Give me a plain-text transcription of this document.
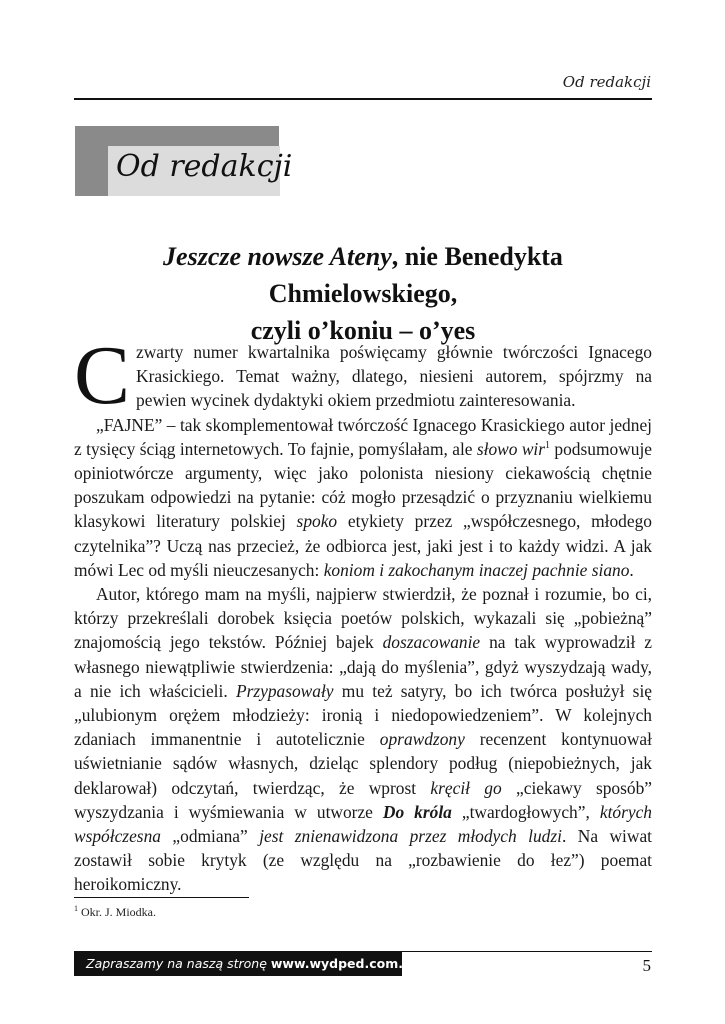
Od redakcji
Od redakcji
Jeszcze nowsze Ateny, nie Benedykta Chmielowskiego,
czyli o’koniu – o’yes

Czwarty numer kwartalnika poświęcamy głównie twórczości Ignacego Krasickiego. Temat ważny, dlatego, niesieni autorem, spójrzmy na pewien wycinek dydaktyki okiem przedmiotu zainteresowania.

„FAJNE” – tak skomplementował twórczość Ignacego Krasickiego autor jednej z tysięcy ściąg internetowych. To fajnie, pomyślałam, ale słowo wir$^1$ podsumowuje opiniotwórcze argumenty, więc jako polonista niesiony ciekawością chętnie poszukam odpowiedzi na pytanie: cóż mogło przesądzić o przyznaniu wielkiemu klasykowi literatury polskiej spoko etykiety przez „współczesnego, młodego czytelnika”? Uczą nas przecież, że odbiorca jest, jaki jest i to każdy widzi. A jak mówi Lec od myśli nieuczesanych: koniom i zakochanym inaczej pachnie siano.

Autor, którego mam na myśli, najpierw stwierdził, że poznał i rozumie, bo ci, którzy przekreślali dorobek księcia poetów polskich, wykazali się „pobieżną” znajomością jego tekstów. Później bajek doszacowanie na tak wyprowadził z własnego niewątpliwie stwierdzenia: „dają do myślenia”, gdyż wyszydzają wady, a nie ich właścicieli. Przypasowały mu też satyry, bo ich twórca posłużył się „ulubionym orężem młodzieży: ironią i niedopowiedzeniem”. W kolejnych zdaniach immanentnie i autotelicznie oprawdzony recenzent kontynuował uświetnianie sądów własnych, dzieląc splendory podług (niepobieżnych, jak deklarował) odczytań, twierdząc, że wprost kręcił go „ciekawy sposób” wyszydzania i wyśmiewania w utworze Do króla „twardogłowych”, których współczesna „odmiana” jest znienawidzona przez młodych ludzi. Na wiwat zostawił sobie krytyk (ze względu na „rozbawienie do łez”) poemat heroikomiczny.

$^1$ Okr. J. Miodka.
Zapraszamy na naszą stronę www.wydped.com.pl	5
